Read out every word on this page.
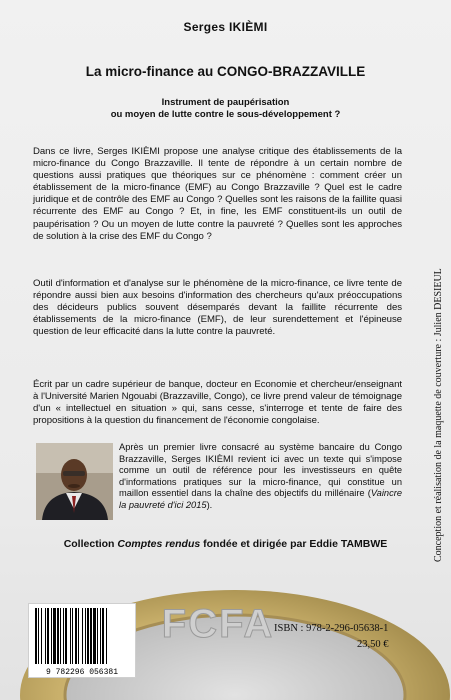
Serges IKIÈMI
La micro-finance au CONGO-BRAZZAVILLE
Instrument de paupérisation
ou moyen de lutte contre le sous-développement ?
Dans ce livre, Serges IKIÈMI propose une analyse critique des établissements de la micro-finance du Congo Brazzaville. Il tente de répondre à un certain nombre de questions aussi pratiques que théoriques sur ce phénomène : comment créer un établissement de la micro-finance (EMF) au Congo Brazzaville ? Quel est le cadre juridique et de contrôle des EMF au Congo ? Quelles sont les raisons de la faillite quasi récurrente des EMF au Congo ? Et, in fine, les EMF constituent-ils un outil de paupérisation ? Ou un moyen de lutte contre la pauvreté ? Quelles sont les approches de solution à la crise des EMF du Congo ?
Outil d'information et d'analyse sur le phénomène de la micro-finance, ce livre tente de répondre aussi bien aux besoins d'information des chercheurs qu'aux préoccupations des décideurs publics souvent désemparés devant la faillite récurrente des établissements de la micro-finance (EMF), de leur surendettement et l'épineuse question de leur efficacité dans la lutte contre la pauvreté.
Écrit par un cadre supérieur de banque, docteur en Economie et chercheur/enseignant à l'Université Marien Ngouabi (Brazzaville, Congo), ce livre prend valeur de témoignage d'un « intellectuel en situation » qui, sans cesse, s'interroge et tente de faire des propositions à la question du financement de l'économie congolaise.
Après un premier livre consacré au système bancaire du Congo Brazzaville, Serges IKIÈMI revient ici avec un texte qui s'impose comme un outil de référence pour les investisseurs en quête d'informations pratiques sur la micro-finance, qui constitue un maillon essentiel dans la chaîne des objectifs du millénaire (Vaincre la pauvreté d'ici 2015).
FCFA
Collection Comptes rendus fondée et dirigée par Eddie TAMBWE
9 782296 056381
ISBN : 978-2-296-05638-1
23,50 €
Conception et réalisation de la maquette de couverture : Julien DESIEUL
